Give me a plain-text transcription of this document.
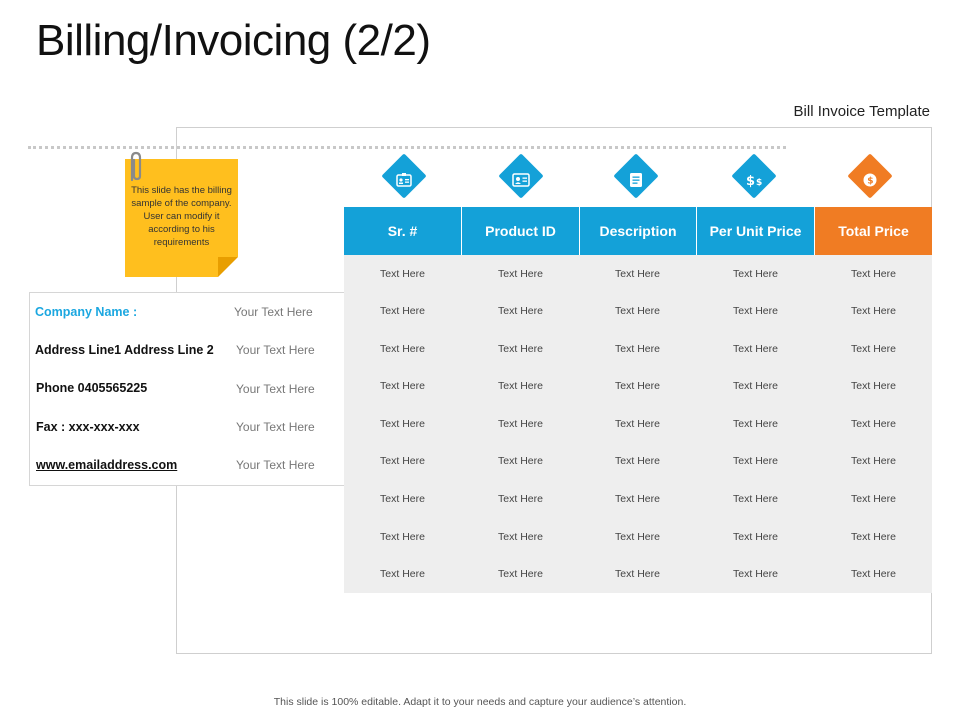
Billing/Invoicing (2/2)
Bill Invoice Template
This slide has the billing sample of the company. User can modify it according to his requirements
Company Name :	Your Text Here
Address Line1 Address Line 2 Your Text Here
Phone 0405565225	Your Text Here
Fax : xxx-xxx-xxx	Your Text Here
www.emailaddress.com	Your Text Here
$ $	$
Sr. #	Product ID	Description	Per Unit Price	Total Price
Text Here	Text Here	Text Here	Text Here	Text Here
Text Here	Text Here	Text Here	Text Here	Text Here
Text Here	Text Here	Text Here	Text Here	Text Here
Text Here	Text Here	Text Here	Text Here	Text Here
Text Here	Text Here	Text Here	Text Here	Text Here
Text Here	Text Here	Text Here	Text Here	Text Here
Text Here	Text Here	Text Here	Text Here	Text Here
Text Here	Text Here	Text Here	Text Here	Text Here
Text Here	Text Here	Text Here	Text Here	Text Here
This slide is 100% editable. Adapt it to your needs and capture your audience’s attention.
